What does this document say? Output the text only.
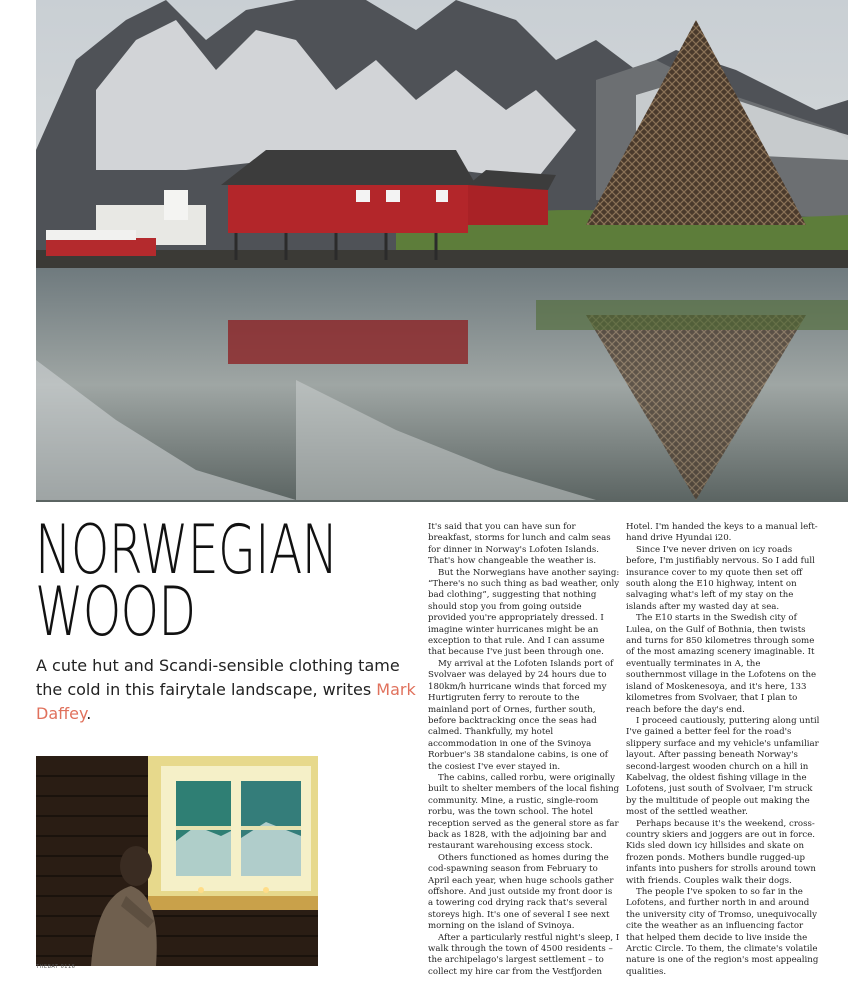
NORWEGIAN
WOOD

A cute hut and Scandi-sensible clothing tame the cold in this fairytale landscape, writes Mark Daffey.

THEBAT 0116

It's said that you can have sun for breakfast, storms for lunch and calm seas for dinner in Norway's Lofoten Islands. That's how changeable the weather is.

But the Norwegians have another saying: “There's no such thing as bad weather, only bad clothing”, suggesting that nothing should stop you from going outside provided you're appropriately dressed. I imagine winter hurricanes might be an exception to that rule. And I can assume that because I've just been through one.

My arrival at the Lofoten Islands port of Svolvaer was delayed by 24 hours due to 180km/h hurricane winds that forced my Hurtigruten ferry to reroute to the mainland port of Ornes, further south, before backtracking once the seas had calmed. Thankfully, my hotel accommodation in one of the Svinoya Rorbuer's 38 standalone cabins, is one of the cosiest I've ever stayed in.

The cabins, called rorbu, were originally built to shelter members of the local fishing community. Mine, a rustic, single-room rorbu, was the town school. The hotel reception served as the general store as far back as 1828, with the adjoining bar and restaurant warehousing excess stock.

Others functioned as homes during the cod-spawning season from February to April each year, when huge schools gather offshore. And just outside my front door is a towering cod drying rack that's several storeys high. It's one of several I see next morning on the island of Svinoya.

After a particularly restful night's sleep, I walk through the town of 4500 residents – the archipelago's largest settlement – to collect my hire car from the Vestfjorden

Hotel. I'm handed the keys to a manual left-hand drive Hyundai i20.

Since I've never driven on icy roads before, I'm justifiably nervous. So I add full insurance cover to my quote then set off south along the E10 highway, intent on salvaging what's left of my stay on the islands after my wasted day at sea.

The E10 starts in the Swedish city of Lulea, on the Gulf of Bothnia, then twists and turns for 850 kilometres through some of the most amazing scenery imaginable. It eventually terminates in A, the southernmost village in the Lofotens on the island of Moskenesoya, and it's here, 133 kilometres from Svolvaer, that I plan to reach before the day's end.

I proceed cautiously, puttering along until I've gained a better feel for the road's slippery surface and my vehicle's unfamiliar layout. After passing beneath Norway's second-largest wooden church on a hill in Kabelvag, the oldest fishing village in the Lofotens, just south of Svolvaer, I'm struck by the multitude of people out making the most of the settled weather.

Perhaps because it's the weekend, cross-country skiers and joggers are out in force. Kids sled down icy hillsides and skate on frozen ponds. Mothers bundle rugged-up infants into pushers for strolls around town with friends. Couples walk their dogs.

The people I've spoken to so far in the Lofotens, and further north in and around the university city of Tromso, unequivocally cite the weather as an influencing factor that helped them decide to live inside the Arctic Circle. To them, the climate's volatile nature is one of the region's most appealing qualities.
